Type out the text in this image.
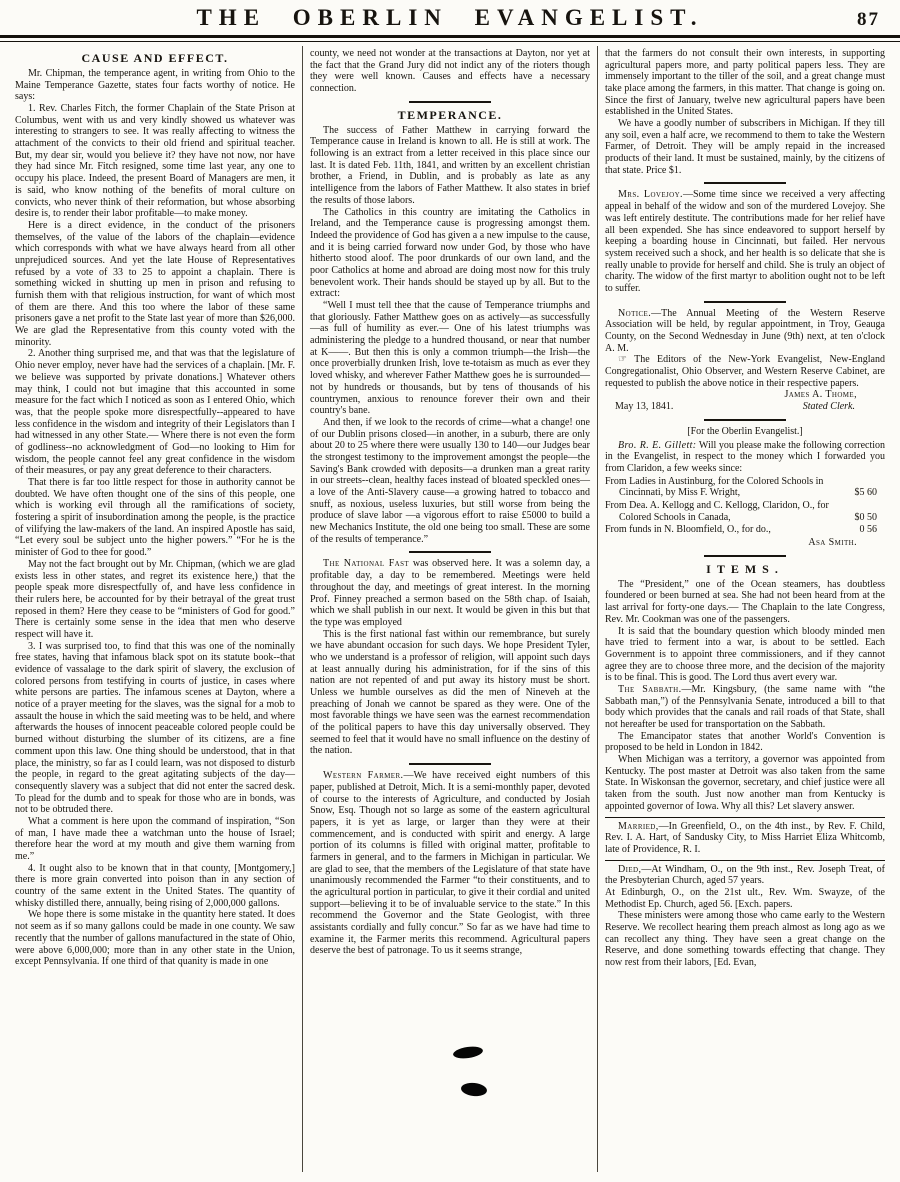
THE OBERLIN EVANGELIST.	87
CAUSE AND EFFECT.

Mr. Chipman, the temperance agent, in writing from Ohio to the Maine Temperance Gazette, states four facts worthy of notice. He says:

1. Rev. Charles Fitch, the former Chaplain of the State Prison at Columbus, went with us and very kindly showed us whatever was interesting to strangers to see. It was really affecting to witness the attachment of the convicts to their old friend and spiritual teacher. But, my dear sir, would you believe it? they have not now, nor have they had since Mr. Fitch resigned, some time last year, any one to occupy his place. Indeed, the present Board of Managers are men, it is said, who know nothing of the benefits of moral culture on convicts, who never think of their reformation, but whose absorbing desire is, to render their labor profitable—to make money.

Here is a direct evidence, in the conduct of the prisoners themselves, of the value of the labors of the chaplain—evidence which corresponds with what we have always heard from all other unprejudiced sources. And yet the late House of Representatives refused by a vote of 33 to 25 to appoint a chaplain. There is something wicked in shutting up men in prison and refusing to furnish them with that religious instruction, for want of which most of them are there. And this too where the labor of these same prisoners gave a net profit to the State last year of more than $26,000. We are glad the Representative from this county voted with the minority.

2. Another thing surprised me, and that was that the legislature of Ohio never employ, never have had the services of a chaplain. [Mr. F. we believe was supported by private donations.] Whatever others may think, I could not but imagine that this accounted in some measure for the fact which I noticed as soon as I entered Ohio, which was, that the people spoke more disrespectfully--appeared to have less confidence in the wisdom and integrity of their Legislators than I had witnessed in any other State.— Where there is not even the form of godliness--no acknowledgment of God—no looking to Him for wisdom, the people cannot feel any great confidence in the wisdom of their measures, or pay any great deference to their characters.

That there is far too little respect for those in authority cannot be doubted. We have often thought one of the sins of this people, one which is working evil through all the ramifications of society, fostering a spirit of insubordination among the people, is the practice of vilifying the law-makers of the land. An inspired Apostle has said, “Let every soul be subject unto the higher powers.” “For he is the minister of God to thee for good.”

May not the fact brought out by Mr. Chipman, (which we are glad exists less in other states, and regret its existence here,) that the people speak more disrespectfully of, and have less confidence in their rulers here, be accounted for by their betrayal of the great trust reposed in them? Here they cease to be “ministers of God for good.” There is certainly some sense in the idea that men who deserve respect will have it.

3. I was surprised too, to find that this was one of the nominally free states, having that infamous black spot on its statute book--that evidence of vassalage to the dark spirit of slavery, the exclusion of colored persons from testifying in courts of justice, in cases where white persons are parties. The infamous scenes at Dayton, where a notice of a prayer meeting for the slaves, was the signal for a mob to assault the house in which the said meeting was to be held, and where afterwards the houses of innocent peaceable colored people could be burned without disturbing the slumber of its citizens, are a fine comment upon this law. One thing should be understood, that in that place, the ministry, so far as I could learn, was not disposed to disturb the people, in regard to the great agitating subjects of the day—consequently slavery was a subject that did not enter the sacred desk. To plead for the dumb and to speak for those who are in bonds, was not to be obtruded there.

What a comment is here upon the command of inspiration, “Son of man, I have made thee a watchman unto the house of Israel; therefore hear the word at my mouth and give them warning from me.”

4. It ought also to be known that in that county, [Montgomery,] there is more grain converted into poison than in any section of country of the same extent in the United States. The quantity of whisky distilled there, annually, being rising of 2,000,000 gallons.

We hope there is some mistake in the quantity here stated. It does not seem as if so many gallons could be made in one county. We saw recently that the number of gallons manufactured in the state of Ohio, were above 6,000,000; more than in any other state in the Union, except Pennsylvania. If one third of that quanity is made in one

county, we need not wonder at the transactions at Dayton, nor yet at the fact that the Grand Jury did not indict any of the rioters though they were well known. Causes and effects have a necessary connection.

TEMPERANCE.

The success of Father Matthew in carrying forward the Temperance cause in Ireland is known to all. He is still at work. The following is an extract from a letter received in this place since our last. It is dated Feb. 11th, 1841, and written by an excellent christian brother, a Friend, in Dublin, and is probably as late as any intelligence from the labors of Father Matthew. It also states in brief the results of those labors.

The Catholics in this country are imitating the Catholics in Ireland, and the Temperance cause is progressing amongst them. Indeed the providence of God has given a a new impulse to the cause, and it is being carried forward now under God, by those who have hitherto stood aloof. The poor drunkards of our own land, and the poor Catholics at home and abroad are doing most now for this truly benevolent work. Their hands should be stayed up by all. But to the extract:

“Well I must tell thee that the cause of Temperance triumphs and that gloriously. Father Matthew goes on as actively—as successfully—as full of humility as ever.— One of his latest triumphs was administering the pledge to a hundred thousand, or near that number at K——. But then this is only a common triumph—the Irish—the once proverbially drunken Irish, love te-totaism as much as ever they loved whisky, and wherever Father Matthew goes he is surrounded—not by hundreds or thousands, but by tens of thousands of his countrymen, anxious to renounce forever their own and their country's bane.

And then, if we look to the records of crime—what a change! one of our Dublin prisons closed—in another, in a suburb, there are only about 20 to 25 where there were usually 130 to 140—our Judges bear the strongest testimony to the improvement amongst the people—the Saving's Bank crowded with deposits—a drunken man a great rarity in our streets--clean, healthy faces instead of bloated speckled ones—a love of the Anti-Slavery cause—a growing hatred to tobacco and snuff, as noxious, useless luxuries, but still worse from being the produce of slave labor —a vigorous effort to raise £5000 to build a new Mechanics Institute, the old one being too small. These are some of the results of temperance.”

The National Fast was observed here. It was a solemn day, a profitable day, a day to be remembered. Meetings were held throughout the day, and meetings of great interest. In the morning Prof. Finney preached a sermon based on the 58th chap. of Isaiah, which we shall publish in our next. It would be given in this but that the type was employed

This is the first national fast within our remembrance, but surely we have abundant occasion for such days. We hope President Tyler, who we understand is a professor of religion, will appoint such days at least annually during his administration, for if the sins of this nation are not repented of and put away its history must be short. Unless we humble ourselves as did the men of Nineveh at the preaching of Jonah we cannot be spared as they were. One of the most favorable things we have seen was the earnest recommendation of the political papers to have this day universally observed. They seemed to feel that it would have no small influence on the destiny of the nation.

Western Farmer.—We have received eight numbers of this paper, published at Detroit, Mich. It is a semi-monthly paper, devoted of course to the interests of Agriculture, and conducted by Josiah Snow, Esq. Though not so large as some of the eastern agricultural papers, it is yet as large, or larger than they were at their commencement, and is conducted with spirit and energy. A large portion of its columns is filled with original matter, profitable to farmers in general, and to the farmers in Michigan in particular. We are glad to see, that the members of the Legislature of that state have unanimously recommended the Farmer “to their constituents, and to the agricultural portion in particular, to give it their cordial and united support—believing it to be of invaluable service to the state.” In this recommend the Governor and the State Geologist, with three assistants cordially and fully concur.” So far as we have had time to examine it, the Farmer merits this recommend. Agricultural papers deserve the best of patronage. To us it seems strange,

that the farmers do not consult their own interests, in supporting agricultural papers more, and party political papers less. They are immensely important to the tiller of the soil, and a great change must take place among the farmers, in this matter. That change is going on. Since the first of January, twelve new agricultural papers have been established in the United States.

We have a goodly number of subscribers in Michigan. If they till any soil, even a half acre, we recommend to them to take the Western Farmer, of Detroit. They will be amply repaid in the increased products of their land. It must be sustained, mainly, by the citizens of that state. Price $1.

Mrs. Lovejoy.—Some time since we received a very affecting appeal in behalf of the widow and son of the murdered Lovejoy. She was left entirely destitute. The contributions made for her relief have all been expended. She has since endeavored to support herself by keeping a boarding house in Cincinnati, but failed. Her nervous system received such a shock, and her health is so delicate that she is really unable to provide for herself and child. She is truly an object of charity. The widow of the first martyr to abolition ought not to be left to suffer.

Notice.—The Annual Meeting of the Western Reserve Association will be held, by regular appointment, in Troy, Geauga County, on the Second Wednesday in June (9th) next, at ten o'clock A. M.

☞ The Editors of the New-York Evangelist, New-England Congregationalist, Ohio Observer, and Western Reserve Cabinet, are requested to publish the above notice in their respective papers.

James A. Thome,
May 13, 1841.	Stated Clerk.
[For the Oberlin Evangelist.]

Bro. R. E. Gillett: Will you please make the following correction in the Evangelist, in respect to the money which I forwarded you from Claridon, a few weeks since:

From Ladies in Austinburg, for the Colored Schools in Cincinnati, by Miss F. Wright,	$5 60
From Dea. A. Kellogg and C. Kellogg, Claridon, O., for Colored Schools in Canada,	$0 50
From funds in N. Bloomfield, O., for do.,	0 56
Asa Smith.
ITEMS.

The “President,” one of the Ocean steamers, has doubtless foundered or been burned at sea. She had not been heard from at the last arrival for forty-one days.— The Chaplain to the late Congress, Rev. Mr. Cookman was one of the passengers.

It is said that the boundary question which bloody minded men have tried to ferment into a war, is about to be settled. Each Government is to appoint three commissioners, and if they cannot agree they are to choose three more, and the decision of the majority is to be final. This is good. The Lord thus avert every war.

The Sabbath.—Mr. Kingsbury, (the same name with “the Sabbath man,”) of the Pennsylvania Senate, introduced a bill to that body which provides that the canals and rail roads of that State, shall not hereafter be used for transportation on the Sabbath.

The Emancipator states that another World's Convention is proposed to be held in London in 1842.

When Michigan was a territory, a governor was appointed from Kentucky. The post master at Detroit was also taken from the same State. In Wiskonsan the governor, secretary, and chief justice were all taken from the south. Just now another man from Kentucky is appointed governor of Iowa. Why all this? Let slavery answer.

Married,—In Greenfield, O., on the 4th inst., by Rev. F. Child, Rev. I. A. Hart, of Sandusky City, to Miss Harriet Eliza Whitcomb, late of Providence, R. I.

Died,—At Windham, O., on the 9th inst., Rev. Joseph Treat, of the Presbyterian Church, aged 57 years.

At Edinburgh, O., on the 21st ult., Rev. Wm. Swayze, of the Methodist Ep. Church, aged 56. [Exch. papers.

These ministers were among those who came early to the Western Reserve. We recollect hearing them preach almost as long ago as we can recollect any thing. They have seen a great change on the Reserve, and done something towards effecting that change. They now rest from their labors, [Ed. Evan,
